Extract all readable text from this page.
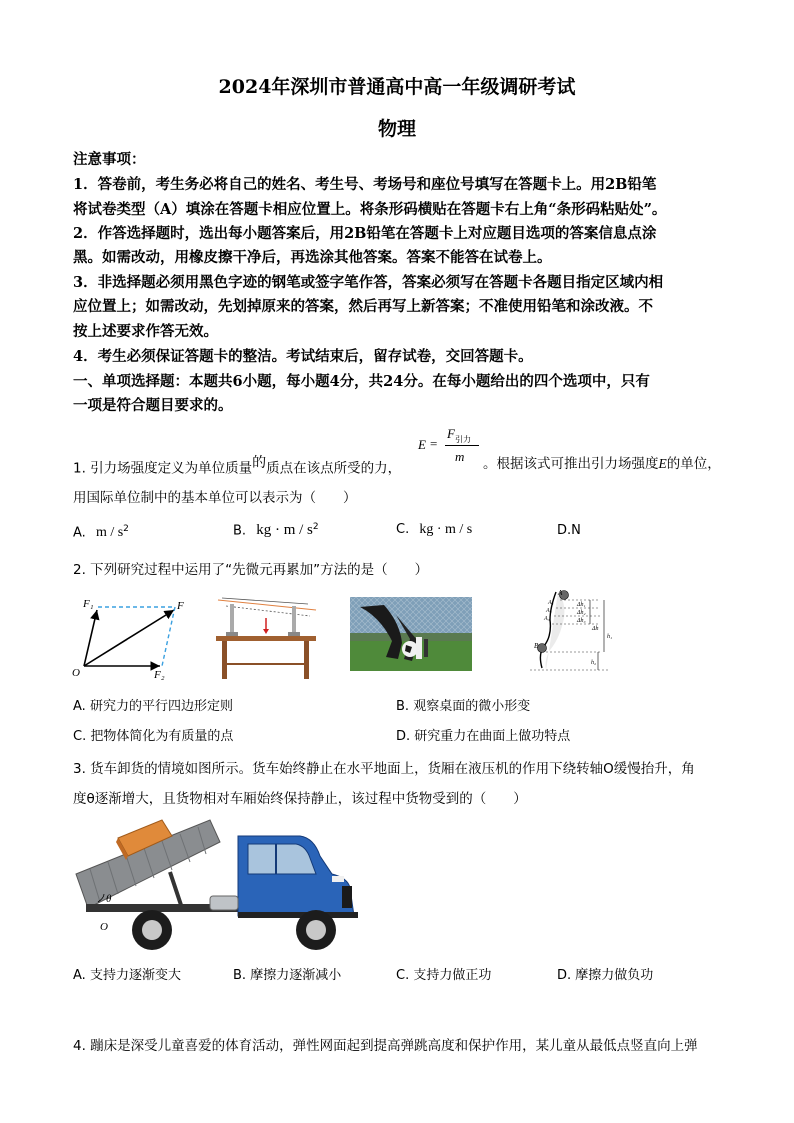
2024年深圳市普通高中高一年级调研考试
物理
注意事项：
1．答卷前，考生务必将自己的姓名、考生号、考场号和座位号填写在答题卡上。用2B铅笔
将试卷类型（A）填涂在答题卡相应位置上。将条形码横贴在答题卡右上角“条形码粘贴处”。
2．作答选择题时，选出每小题答案后，用2B铅笔在答题卡上对应题目选项的答案信息点涂
黑。如需改动，用橡皮擦干净后，再选涂其他答案。答案不能答在试卷上。
3．非选择题必须用黑色字迹的钢笔或签字笔作答，答案必须写在答题卡各题目指定区域内相
应位置上；如需改动，先划掉原来的答案，然后再写上新答案；不准使用铅笔和涂改液。不
按上述要求作答无效。
4．考生必须保证答题卡的整洁。考试结束后，留存试卷，交回答题卡。
一、单项选择题：本题共6小题，每小题4分，共24分。在每小题给出的四个选项中，只有
一项是符合题目要求的。
1. 引力场强度定义为单位质量$^的$质点在该点所受的力，
E =
F 引力
m 。根据该式可推出引力场强度E的单位，
用国际单位制中的基本单位可以表示为（　　）
A. m / $s^2$	B. kg · m / $s^2$	C. kg · m / s	D.N
2. 下列研究过程中运用了“先微元再累加”方法的是（　　）
F₁	F
O	F₂
A
A₁
A₂
A₃
B
Δh₁
Δh₂
Δh₃
Δh
h₁
h₂
A. 研究力的平行四边形定则	B. 观察桌面的微小形变
C. 把物体简化为有质量的点	D. 研究重力在曲面上做功特点
3. 货车卸货的情境如图所示。货车始终静止在水平地面上，货厢在液压机的作用下绕转轴O缓慢抬升，角
度θ逐渐增大，且货物相对车厢始终保持静止，该过程中货物受到的（　　）
θ
O
A. 支持力逐渐变大	B. 摩擦力逐渐减小	C. 支持力做正功	D. 摩擦力做负功
4. 蹦床是深受儿童喜爱的体育活动，弹性网面起到提高弹跳高度和保护作用，某儿童从最低点竖直向上弹
